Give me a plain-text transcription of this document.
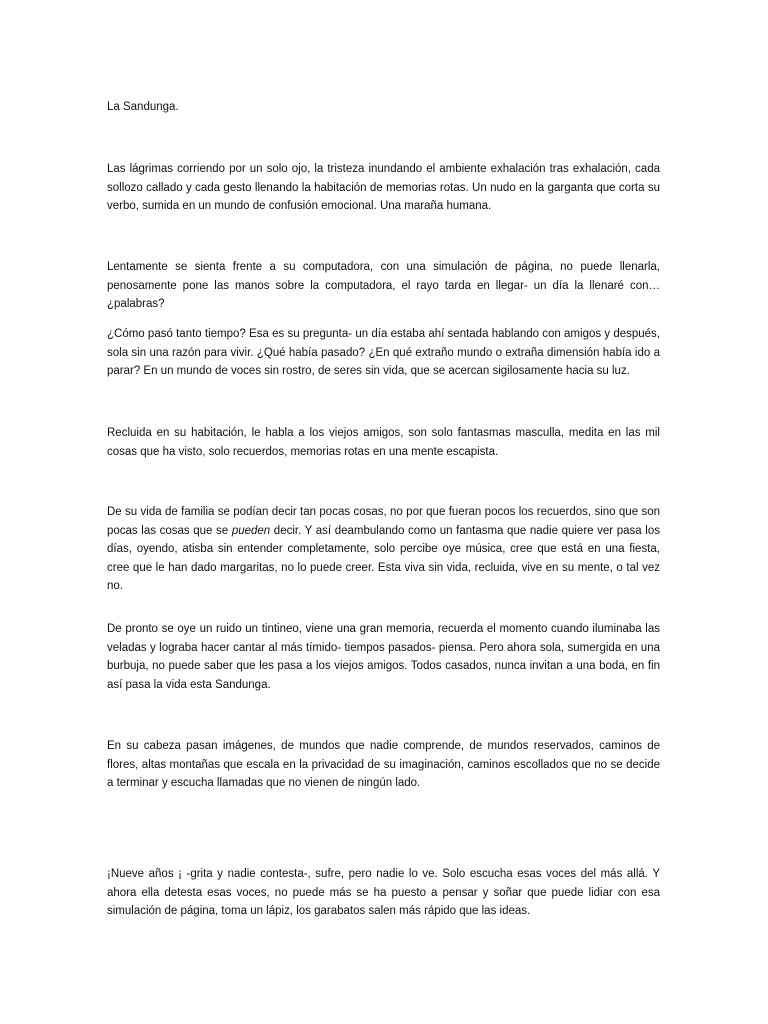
La Sandunga.

Las lágrimas corriendo por un solo ojo, la tristeza inundando el ambiente exhalación tras exhalación, cada sollozo callado y cada gesto llenando la habitación de memorias rotas. Un nudo en la garganta que corta su verbo, sumida en un mundo de confusión emocional. Una maraña humana.

Lentamente se sienta frente a su computadora, con una simulación de página, no puede llenarla, penosamente pone las manos sobre la computadora, el rayo tarda en llegar- un día la llenaré con… ¿palabras?

¿Cómo pasó tanto tiempo? Esa es su pregunta- un día estaba ahí sentada hablando con amigos y después, sola sin una razón para vivir. ¿Qué había pasado? ¿En qué extraño mundo o extraña dimensión había ido a parar? En un mundo de voces sin rostro, de seres sin vida, que se acercan sigilosamente hacia su luz.

Recluida en su habitación, le habla a los viejos amigos, son solo fantasmas masculla, medita en las mil cosas que ha visto, solo recuerdos, memorias rotas en una mente escapista.

De su vida de familia se podían decir tan pocas cosas, no por que fueran pocos los recuerdos, sino que son pocas las cosas que se pueden decir. Y así deambulando como un fantasma que nadie quiere ver pasa los días, oyendo, atisba sin entender completamente, solo percibe oye música, cree que está en una fiesta, cree que le han dado margaritas, no lo puede creer. Esta viva sin vida, recluida, vive en su mente, o tal vez no.

De pronto se oye un ruido un tintineo, viene una gran memoria, recuerda el momento cuando iluminaba las veladas y lograba hacer cantar al más tímido- tiempos pasados- piensa. Pero ahora sola, sumergida en una burbuja, no puede saber que les pasa a los viejos amigos. Todos casados, nunca invitan a una boda, en fin así pasa la vida esta Sandunga.

En su cabeza pasan imágenes, de mundos que nadie comprende, de mundos reservados, caminos de flores, altas montañas que escala en la privacidad de su imaginación, caminos escollados que no se decide a terminar y escucha llamadas que no vienen de ningún lado.

¡Nueve años ¡ -grita y nadie contesta-, sufre, pero nadie lo ve. Solo escucha esas voces del más allá. Y ahora ella detesta esas voces, no puede más se ha puesto a pensar y soñar que puede lidiar con esa simulación de página, toma un lápiz, los garabatos salen más rápido que las ideas.
